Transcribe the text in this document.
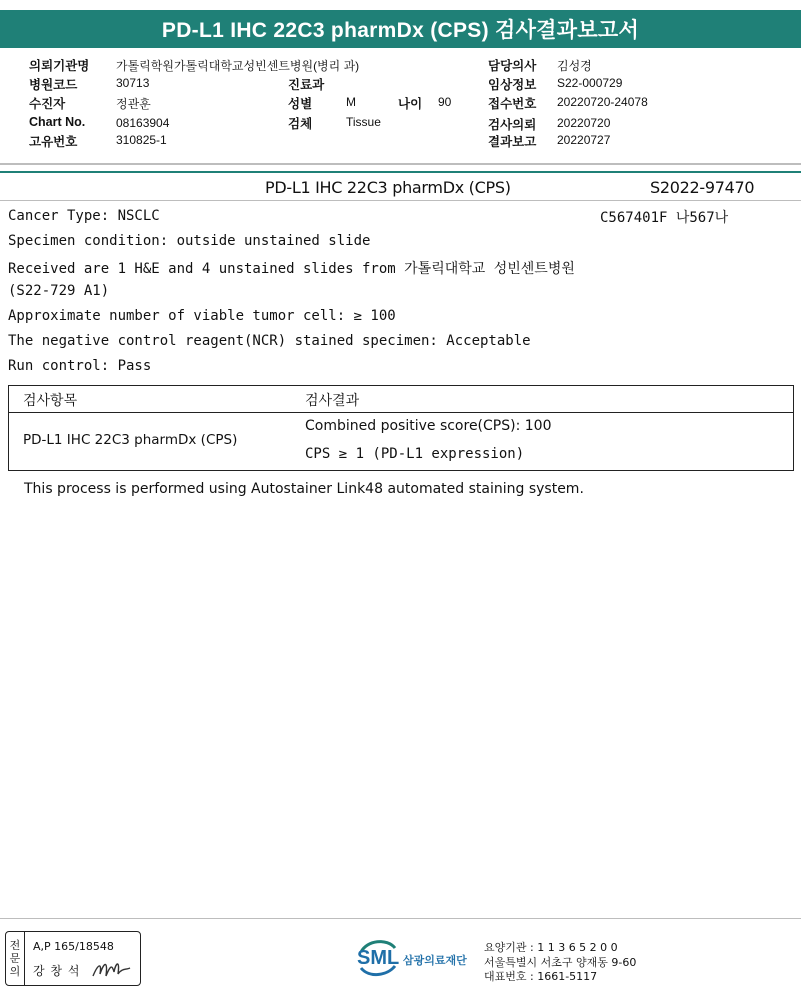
PD-L1 IHC 22C3 pharmDx (CPS) 검사결과보고서
의뢰기관명 가톨릭학원가톨릭대학교성빈센트병원(병리 과)
병원코드	30713
수진자	정관훈
Chart No.	08163904
고유번호	310825-1
진료과
성별	M	나이 90
검체	Tissue
담당의사 김성경
임상정보 S22-000729
접수번호 20220720-24078
검사의뢰 20220720
결과보고 20220727
PD-L1 IHC 22C3 pharmDx (CPS)	S2022-97470
C567401F 나567나
Cancer Type: NSCLC
Specimen condition: outside unstained slide
Received are 1 H&E and 4 unstained slides from 가톨릭대학교 성빈센트병원
(S22-729 A1)
Approximate number of viable tumor cell: ≥ 100
The negative control reagent(NCR) stained specimen: Acceptable
Run control: Pass
검사항목	검사결과
PD-L1 IHC 22C3 pharmDx (CPS)
Combined positive score(CPS): 100
CPS ≥ 1 (PD-L1 expression)
This process is performed using Autostainer Link48 automated staining system.
전
문
의
A,P 165/18548
강 창 석
SML 삼광의료재단
요양기관 : 1 1 3 6 5 2 0 0
서울특별시 서초구 양재동 9-60
대표번호 : 1661-5117
